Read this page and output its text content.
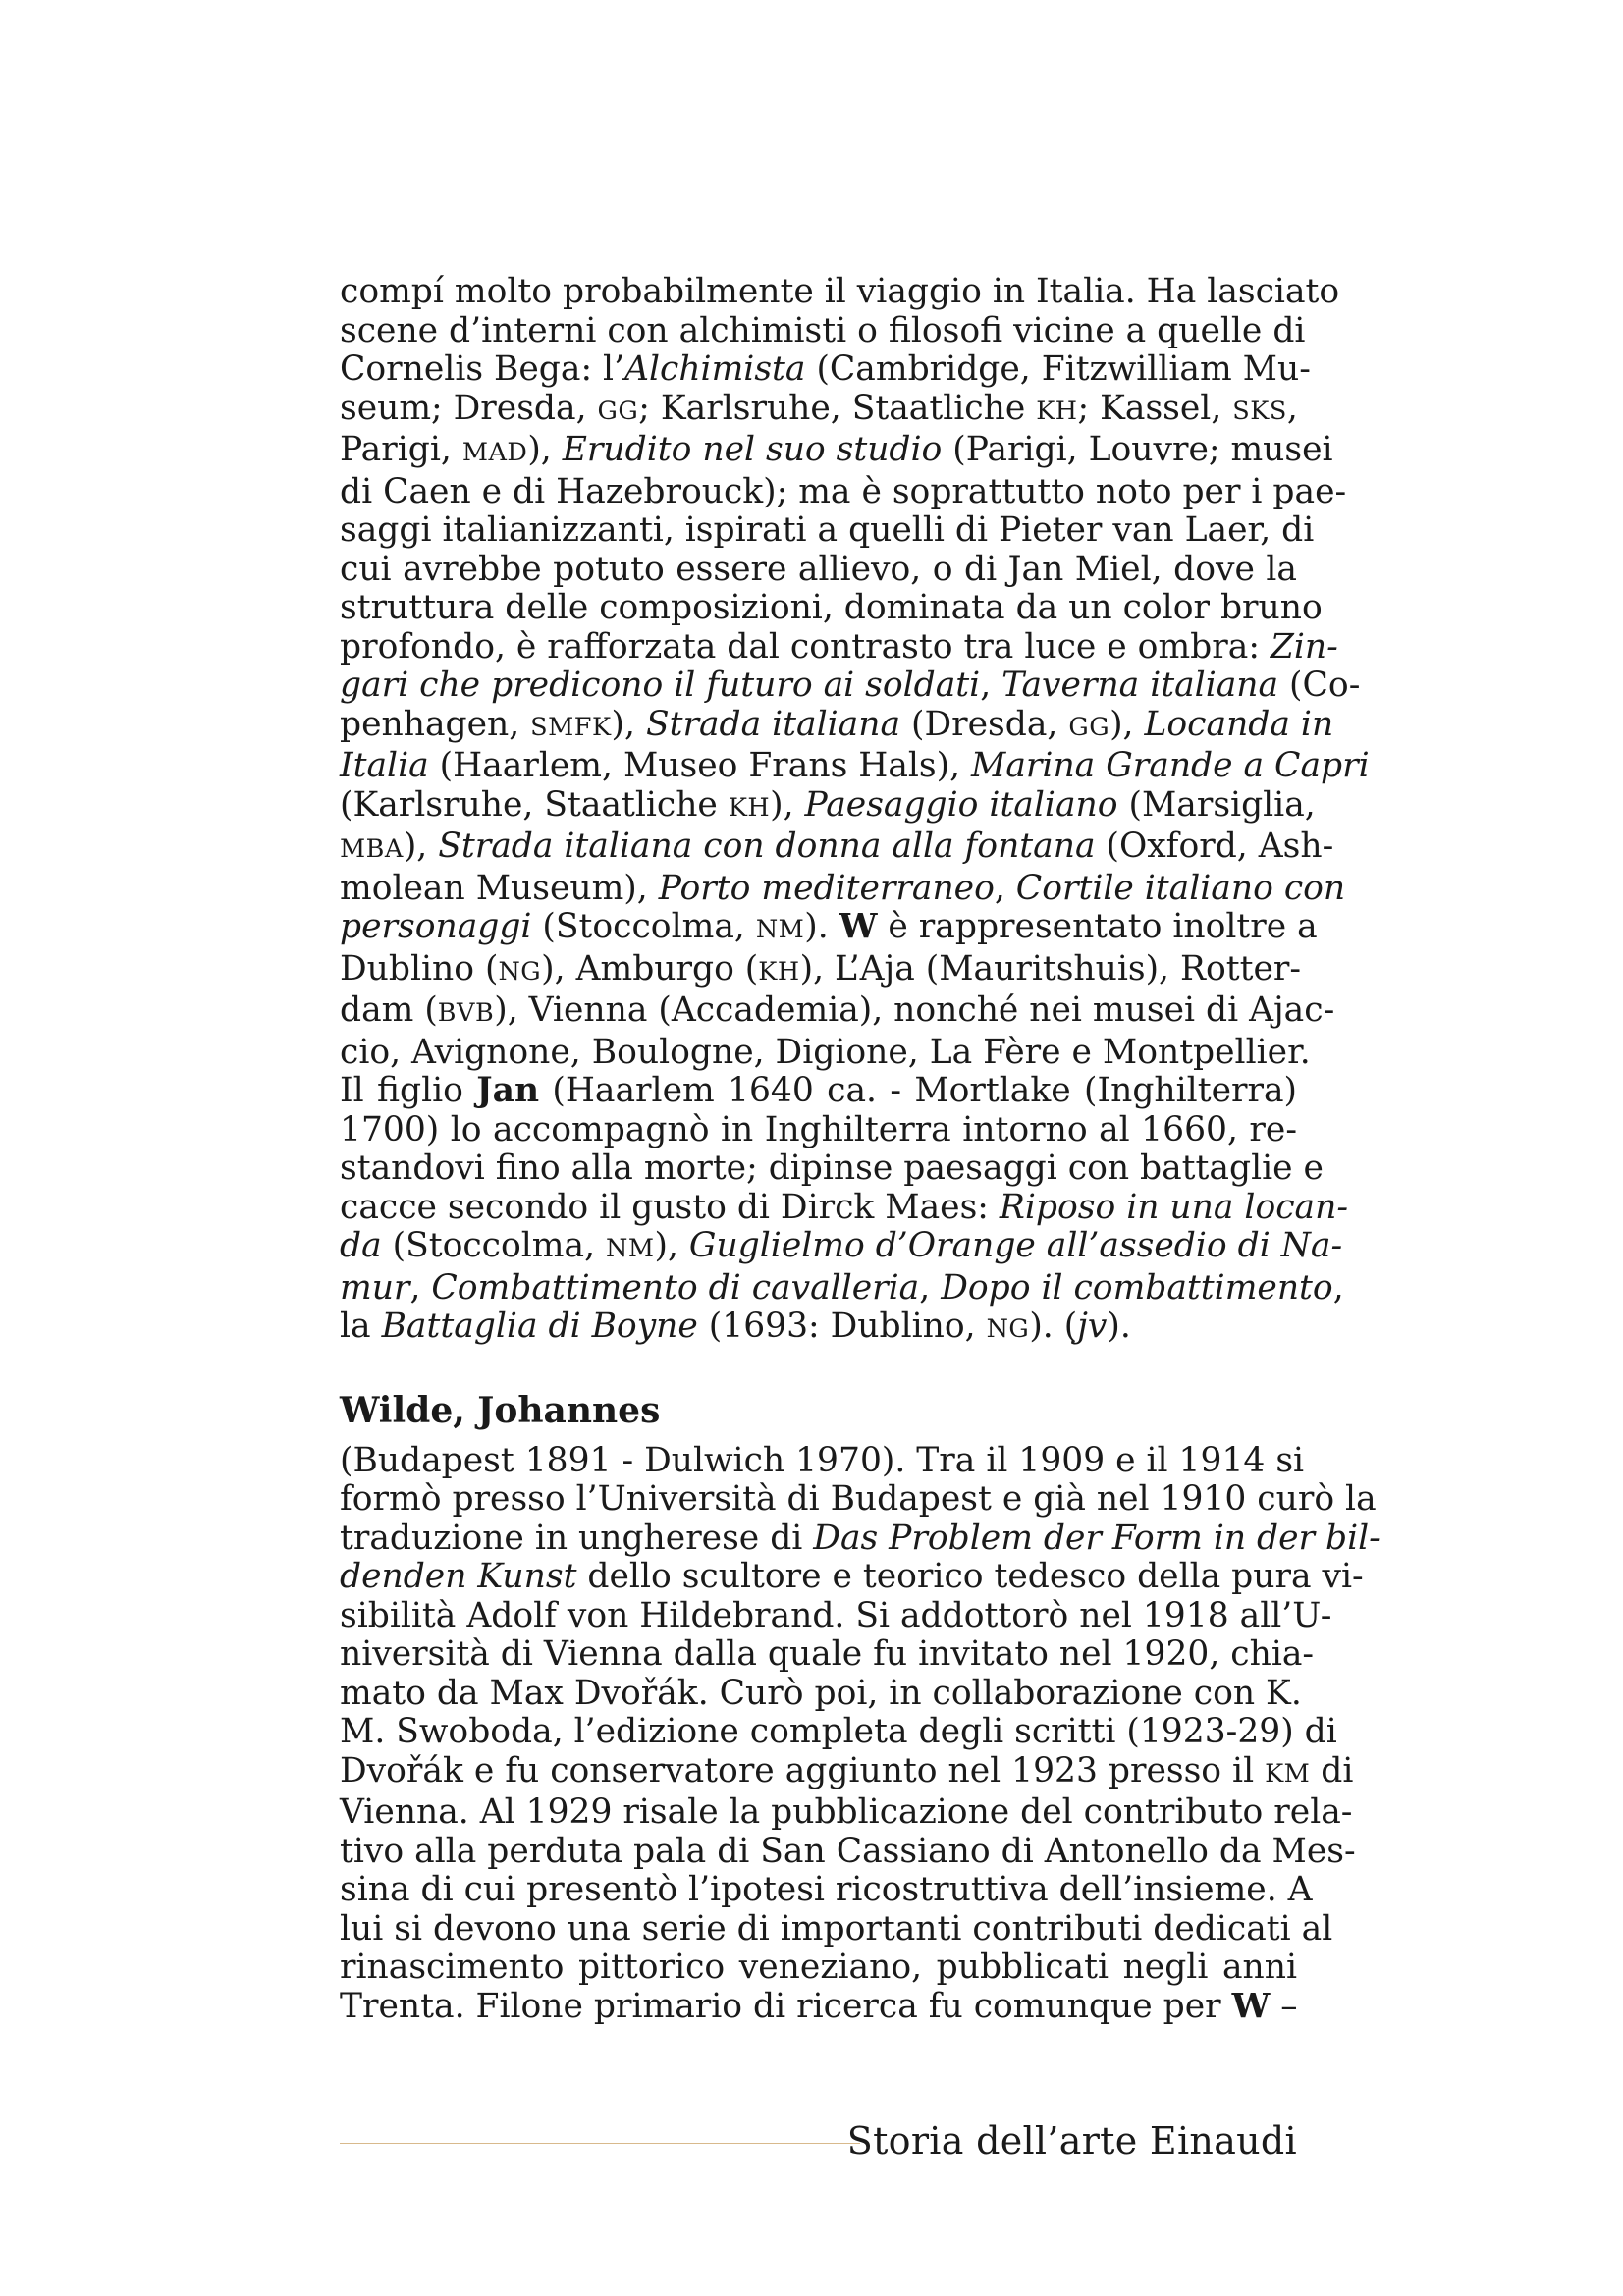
compí molto probabilmente il viaggio in Italia. Ha lasciato
scene d’interni con alchimisti o filosofi vicine a quelle di
Cornelis Bega: l’Alchimista (Cambridge, Fitzwilliam Mu-
seum; Dresda, GG; Karlsruhe, Staatliche KH; Kassel, SKS,
Parigi, MAD), Erudito nel suo studio (Parigi, Louvre; musei
di Caen e di Hazebrouck); ma è soprattutto noto per i pae-
saggi italianizzanti, ispirati a quelli di Pieter van Laer, di
cui avrebbe potuto essere allievo, o di Jan Miel, dove la
struttura delle composizioni, dominata da un color bruno
profondo, è rafforzata dal contrasto tra luce e ombra: Zin-
gari che predicono il futuro ai soldati, Taverna italiana (Co-
penhagen, SMFK), Strada italiana (Dresda, GG), Locanda in
Italia (Haarlem, Museo Frans Hals), Marina Grande a Capri
(Karlsruhe, Staatliche KH), Paesaggio italiano (Marsiglia,
MBA), Strada italiana con donna alla fontana (Oxford, Ash-
molean Museum), Porto mediterraneo, Cortile italiano con
personaggi (Stoccolma, NM). W è rappresentato inoltre a
Dublino (NG), Amburgo (KH), L’Aja (Mauritshuis), Rotter-
dam (BVB), Vienna (Accademia), nonché nei musei di Ajac-
cio, Avignone, Boulogne, Digione, La Fère e Montpellier.
Il figlio Jan (Haarlem 1640 ca. - Mortlake (Inghilterra)
1700) lo accompagnò in Inghilterra intorno al 1660, re-
standovi fino alla morte; dipinse paesaggi con battaglie e
cacce secondo il gusto di Dirck Maes: Riposo in una locan-
da (Stoccolma, NM), Guglielmo d’Orange all’assedio di Na-
mur, Combattimento di cavalleria, Dopo il combattimento,
la Battaglia di Boyne (1693: Dublino, NG). (jv).
Wilde, Johannes
(Budapest 1891 - Dulwich 1970). Tra il 1909 e il 1914 si
formò presso l’Università di Budapest e già nel 1910 curò la
traduzione in ungherese di Das Problem der Form in der bil-
denden Kunst dello scultore e teorico tedesco della pura vi-
sibilità Adolf von Hildebrand. Si addottorò nel 1918 all’U-
niversità di Vienna dalla quale fu invitato nel 1920, chia-
mato da Max Dvořák. Curò poi, in collaborazione con K.
M. Swoboda, l’edizione completa degli scritti (1923-29) di
Dvořák e fu conservatore aggiunto nel 1923 presso il KM di
Vienna. Al 1929 risale la pubblicazione del contributo rela-
tivo alla perduta pala di San Cassiano di Antonello da Mes-
sina di cui presentò l’ipotesi ricostruttiva dell’insieme. A
lui si devono una serie di importanti contributi dedicati al
rinascimento pittorico veneziano, pubblicati negli anni
Trenta. Filone primario di ricerca fu comunque per W –
Storia dell’arte Einaudi
